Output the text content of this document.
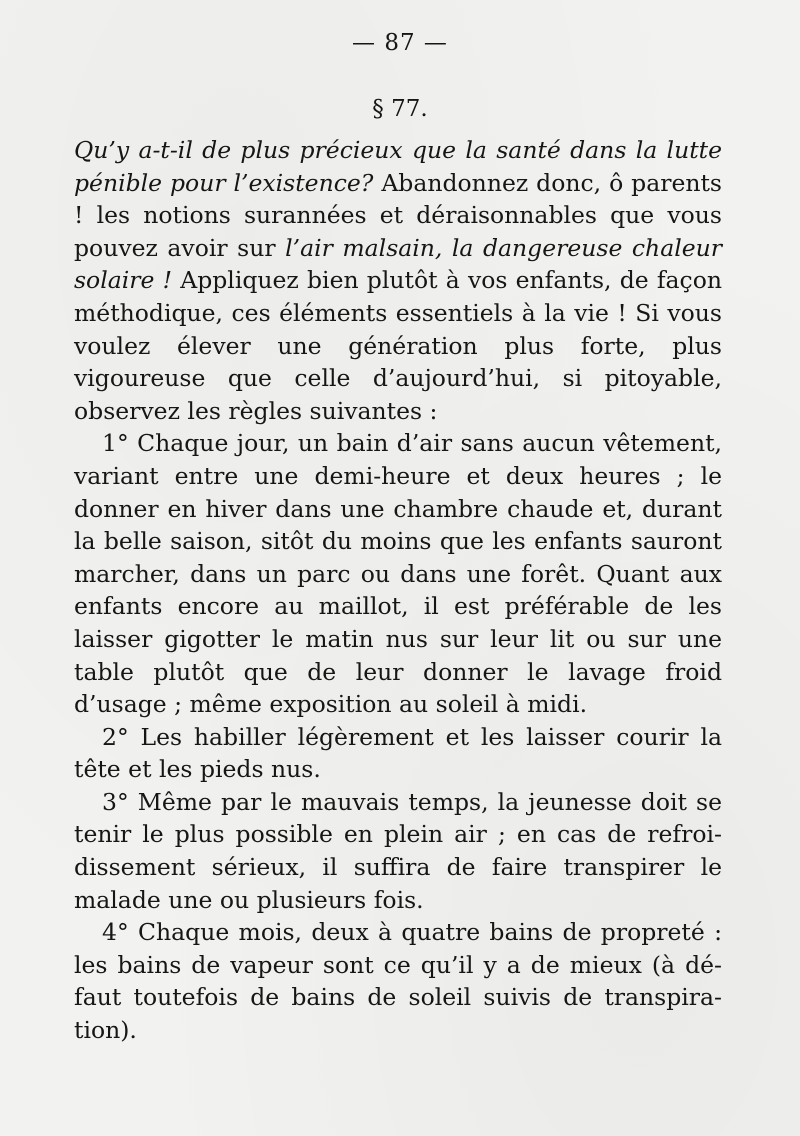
— 87 —
§ 77.

Qu’y a-t-il de plus précieux que la santé dans la lutte pénible pour l’existence? Abandonnez donc, ô parents ! les notions surannées et déraisonnables que vous pouvez avoir sur l’air malsain, la dangereuse chaleur solaire ! Appliquez bien plutôt à vos enfants, de façon méthodique, ces éléments essentiels à la vie ! Si vous voulez élever une génération plus forte, plus vigoureuse que celle d’aujourd’hui, si pitoyable, observez les règles suivantes :

1° Chaque jour, un bain d’air sans aucun vêtement, variant entre une demi-heure et deux heures ; le donner en hiver dans une chambre chaude et, durant la belle saison, sitôt du moins que les enfants sauront marcher, dans un parc ou dans une forêt. Quant aux enfants encore au maillot, il est préférable de les laisser gigotter le matin nus sur leur lit ou sur une table plutôt que de leur donner le lavage froid d’usage ; même exposition au soleil à midi.

2° Les habiller légèrement et les laisser courir la tête et les pieds nus.

3° Même par le mauvais temps, la jeunesse doit se tenir le plus possible en plein air ; en cas de refroidissement sérieux, il suffira de faire transpirer le malade une ou plusieurs fois.

4° Chaque mois, deux à quatre bains de propreté : les bains de vapeur sont ce qu’il y a de mieux (à défaut toutefois de bains de soleil suivis de transpiration).
